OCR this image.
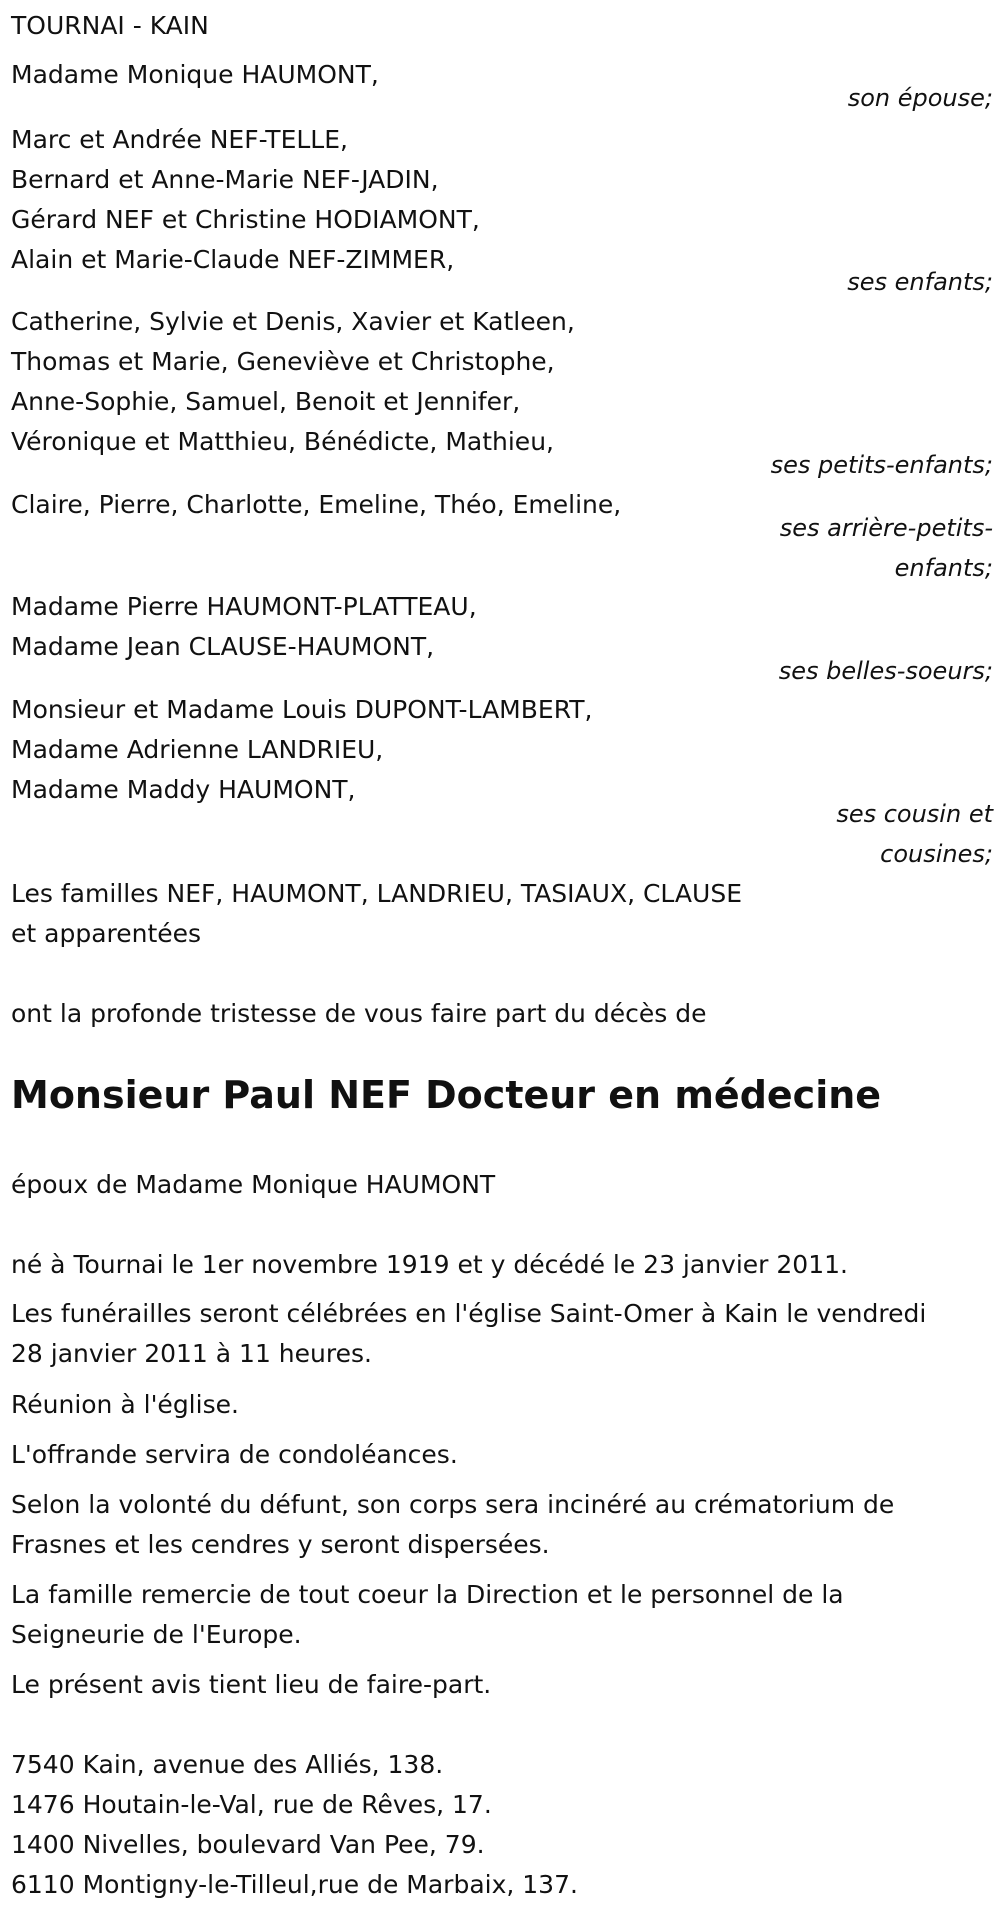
TOURNAI - KAIN
Madame Monique HAUMONT,
son épouse;
Marc et Andrée NEF-TELLE,
Bernard et Anne-Marie NEF-JADIN,
Gérard NEF et Christine HODIAMONT,
Alain et Marie-Claude NEF-ZIMMER,
ses enfants;
Catherine, Sylvie et Denis, Xavier et Katleen,
Thomas et Marie, Geneviève et Christophe,
Anne-Sophie, Samuel, Benoit et Jennifer,
Véronique et Matthieu, Bénédicte, Mathieu,
ses petits-enfants;
Claire, Pierre, Charlotte, Emeline, Théo, Emeline,
ses arrière-petits-
enfants;
Madame Pierre HAUMONT-PLATTEAU,
Madame Jean CLAUSE-HAUMONT,
ses belles-soeurs;
Monsieur et Madame Louis DUPONT-LAMBERT,
Madame Adrienne LANDRIEU,
Madame Maddy HAUMONT,
ses cousin et
cousines;
Les familles NEF, HAUMONT, LANDRIEU, TASIAUX, CLAUSE
et apparentées
ont la profonde tristesse de vous faire part du décès de
Monsieur Paul NEF Docteur en médecine
époux de Madame Monique HAUMONT
né à Tournai le 1er novembre 1919 et y décédé le 23 janvier 2011.
Les funérailles seront célébrées en l'église Saint-Omer à Kain le vendredi
28 janvier 2011 à 11 heures.
Réunion à l'église.
L'offrande servira de condoléances.
Selon la volonté du défunt, son corps sera incinéré au crématorium de
Frasnes et les cendres y seront dispersées.
La famille remercie de tout coeur la Direction et le personnel de la
Seigneurie de l'Europe.
Le présent avis tient lieu de faire-part.
7540 Kain, avenue des Alliés, 138.
1476 Houtain-le-Val, rue de Rêves, 17.
1400 Nivelles, boulevard Van Pee, 79.
6110 Montigny-le-Tilleul,rue de Marbaix, 137.
